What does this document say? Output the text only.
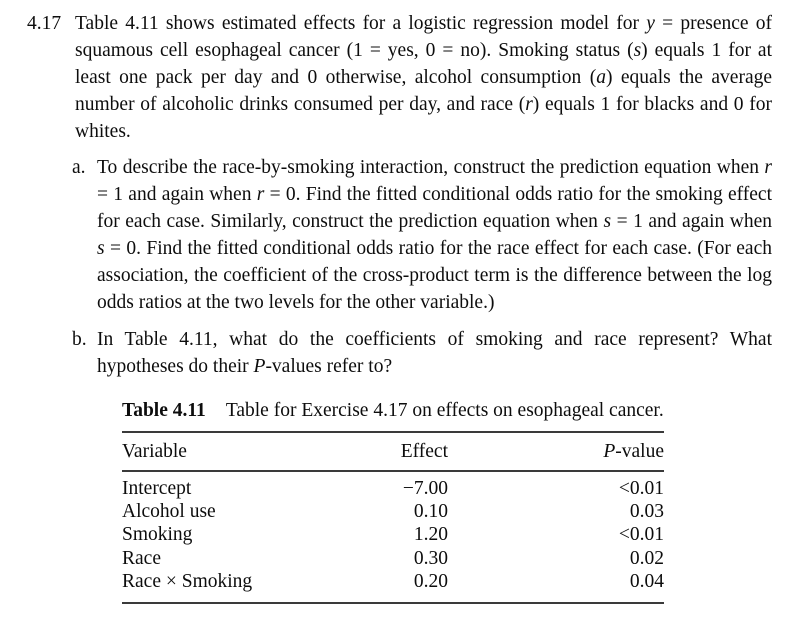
4.17 Table 4.11 shows estimated effects for a logistic regression model for y = presence of squamous cell esophageal cancer (1 = yes, 0 = no). Smoking status (s) equals 1 for at least one pack per day and 0 otherwise, alcohol consumption (a) equals the average number of alcoholic drinks consumed per day, and race (r) equals 1 for blacks and 0 for whites.

a. To describe the race-by-smoking interaction, construct the prediction equation when r = 1 and again when r = 0. Find the fitted conditional odds ratio for the smoking effect for each case. Similarly, construct the prediction equation when s = 1 and again when s = 0. Find the fitted conditional odds ratio for the race effect for each case. (For each association, the coefficient of the cross-product term is the difference between the log odds ratios at the two levels for the other variable.)
b. In Table 4.11, what do the coefficients of smoking and race represent? What hypotheses do their P-values refer to?
Table 4.11 Table for Exercise 4.17 on effects on esophageal cancer.
Variable	Effect	P-value
Intercept	−7.00	<0.01
Alcohol use	0.10	0.03
Smoking	1.20	<0.01
Race	0.30	0.02
Race × Smoking	0.20	0.04
